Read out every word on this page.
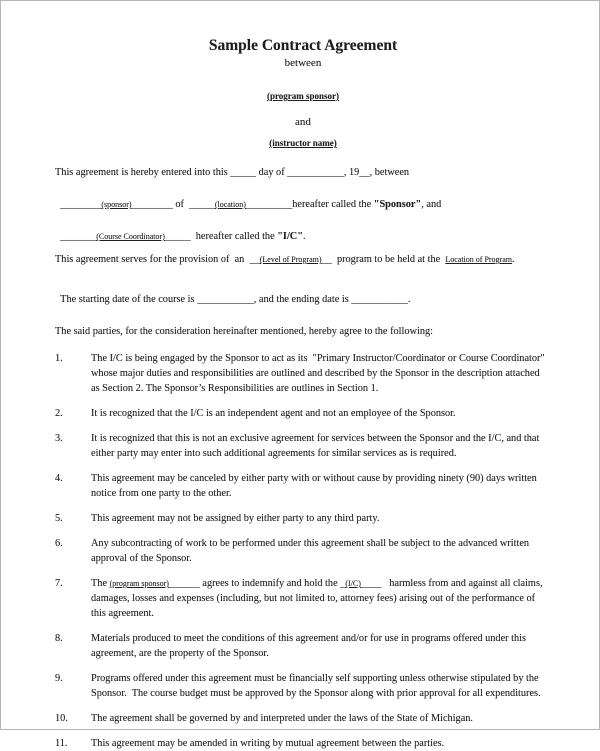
Sample Contract Agreement
between
(program sponsor)
and
(instructor name)

This agreement is hereby entered into this _____ day of ___________, 19__, between

________(sponsor)________ of  _____(location)_________hereafter called the "Sponsor", and

_______(Course Coordinator)_____  hereafter called the "I/C".

This agreement serves for the provision of  an  __(Level of Program)__  program to be held at the  Location of Program.

The starting date of the course is ___________, and the ending date is ___________.

The said parties, for the consideration hereinafter mentioned, hereby agree to the following:

1.	The I/C is being engaged by the Sponsor to act as its  "Primary Instructor/Coordinator or Course Coordinator" whose major duties and responsibilities are outlined and described by the Sponsor in the description attached as Section 2. The Sponsor’s Responsibilities are outlines in Section 1.
2.	It is recognized that the I/C is an independent agent and not an employee of the Sponsor.
3.	It is recognized that this is not an exclusive agreement for services between the Sponsor and the I/C, and that either party may enter into such additional agreements for similar services as is required.
4.	This agreement may be canceled by either party with or without cause by providing ninety (90) days written notice from one party to the other.
5.	This agreement may not be assigned by either party to any third party.
6.	Any subcontracting of work to be performed under this agreement shall be subject to the advanced written approval of the Sponsor.
7.	The (program sponsor)______ agrees to indemnify and hold the _(I/C)____   harmless from and against all claims, damages, losses and expenses (including, but not limited to, attorney fees) arising out of the performance of this agreement.
8.	Materials produced to meet the conditions of this agreement and/or for use in programs offered under this agreement, are the property of the Sponsor.
9.	Programs offered under this agreement must be financially self supporting unless otherwise stipulated by the Sponsor.  The course budget must be approved by the Sponsor along with prior approval for all expenditures.
10.	The agreement shall be governed by and interpreted under the laws of the State of Michigan.
11.	This agreement may be amended in writing by mutual agreement between the parties.
